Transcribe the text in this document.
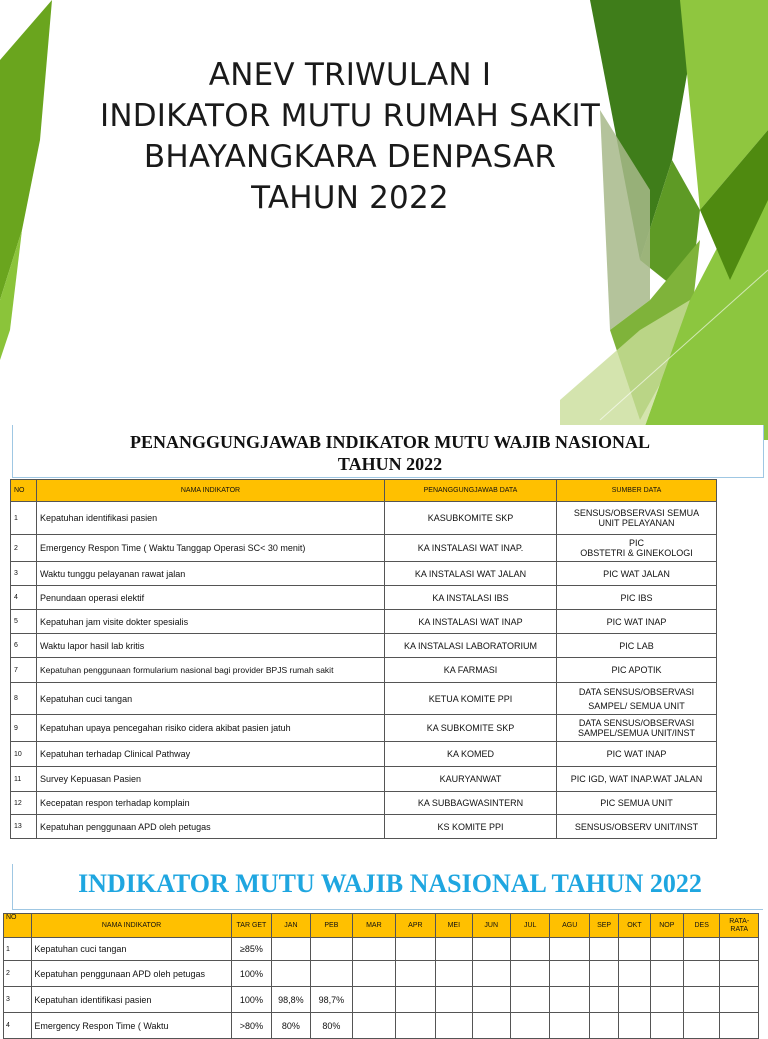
ANEV TRIWULAN I
INDIKATOR MUTU RUMAH SAKIT
BHAYANGKARA DENPASAR
TAHUN 2022
PENANGGUNGJAWAB INDIKATOR MUTU WAJIB NASIONAL
TAHUN 2022
NO	NAMA INDIKATOR	PENANGGUNGJAWAB DATA	SUMBER DATA
1	Kepatuhan identifikasi pasien	KASUBKOMITE SKP	SENSUS/OBSERVASI SEMUA
UNIT PELAYANAN

2	Emergency Respon Time ( Waktu Tanggap Operasi SC< 30 menit)	KA INSTALASI WAT INAP.	PIC
OBSTETRI & GINEKOLOGI

3	Waktu tunggu pelayanan rawat jalan	KA INSTALASI WAT JALAN	PIC WAT JALAN
4	Penundaan operasi elektif	KA INSTALASI IBS	PIC IBS
5	Kepatuhan jam visite dokter spesialis	KA INSTALASI WAT INAP	PIC WAT INAP
6	Waktu lapor hasil lab kritis	KA INSTALASI LABORATORIUM	PIC LAB
7	Kepatuhan penggunaan formularium nasional bagi provider BPJS rumah sakit	KA FARMASI	PIC APOTIK
8	Kepatuhan cuci tangan	KETUA KOMITE PPI	DATA SENSUS/OBSERVASI
SAMPEL/ SEMUA UNIT

9	Kepatuhan upaya pencegahan risiko cidera akibat pasien jatuh	KA SUBKOMITE SKP	DATA SENSUS/OBSERVASI
SAMPEL/SEMUA UNIT/INST

10	Kepatuhan terhadap Clinical Pathway	KA KOMED	PIC WAT INAP
11	Survey Kepuasan Pasien	KAURYANWAT	PIC IGD, WAT INAP.WAT JALAN
12	Kecepatan respon terhadap komplain	KA SUBBAGWASINTERN	PIC SEMUA UNIT
13	Kepatuhan penggunaan APD oleh petugas	KS KOMITE PPI	SENSUS/OBSERV UNIT/INST
INDIKATOR MUTU WAJIB NASIONAL TAHUN 2022
NO	NAMA INDIKATOR	TAR GET	JAN	PEB	MAR	APR	MEI	JUN	JUL	AGU	SEP	OKT	NOP	DES	RATA- RATA
1	Kepatuhan cuci tangan	≥85%													
2	Kepatuhan penggunaan APD oleh petugas	100%													
3	Kepatuhan identifikasi pasien	100%	98,8%	98,7%											
4	Emergency Respon Time ( Waktu	>80%	80%	80%											
